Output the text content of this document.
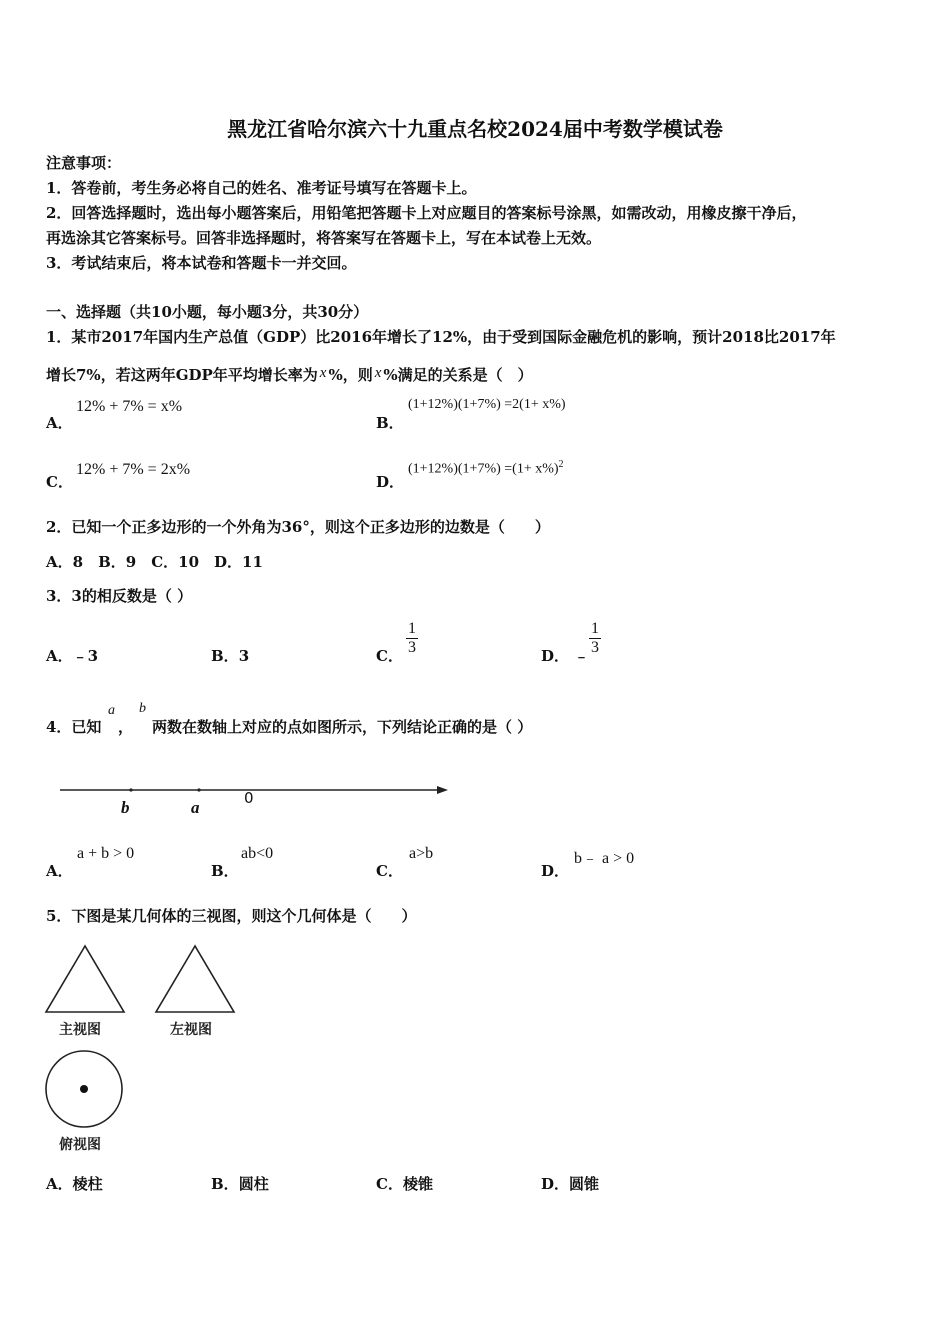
黑龙江省哈尔滨六十九重点名校2024届中考数学模试卷
注意事项：
1．答卷前，考生务必将自己的姓名、准考证号填写在答题卡上。
2．回答选择题时，选出每小题答案后，用铅笔把答题卡上对应题目的答案标号涂黑，如需改动，用橡皮擦干净后，
再选涂其它答案标号。回答非选择题时，将答案写在答题卡上，写在本试卷上无效。
3．考试结束后，将本试卷和答题卡一并交回。
一、选择题（共10小题，每小题3分，共30分）
1．某市2017年国内生产总值（GDP）比2016年增长了12%，由于受到国际金融危机的影响，预计2018比2017年
增长7%，若这两年GDP年平均增长率为 x %，则 x %满足的关系是（　）
A．
12% + 7% = x%
B．
(1+12%)(1+7%) =2(1+ x%)
C．
12% + 7% = 2x%
D．
$(1+12\%)(1+7\%) =(1+ x\%)^2$
2．已知一个正多边形的一个外角为36°，则这个正多边形的边数是（　　）
A．8　B．9　C．10　D．11
3．3的相反数是（ ）
A．﹣3	B．3	C． $\frac{1}{3}$	D． ﹣ $\frac{1}{3}$
4．已知
a
，
b
两数在数轴上对应的点如图所示，下列结论正确的是（ ）
b	a	0
A．
a + b > 0
B．
ab<0
C．
a>b
D．
b﹣ a > 0
5．下图是某几何体的三视图，则这个几何体是（　　）
主视图	左视图
俯视图
A．棱柱	B．圆柱	C．棱锥	D．圆锥
